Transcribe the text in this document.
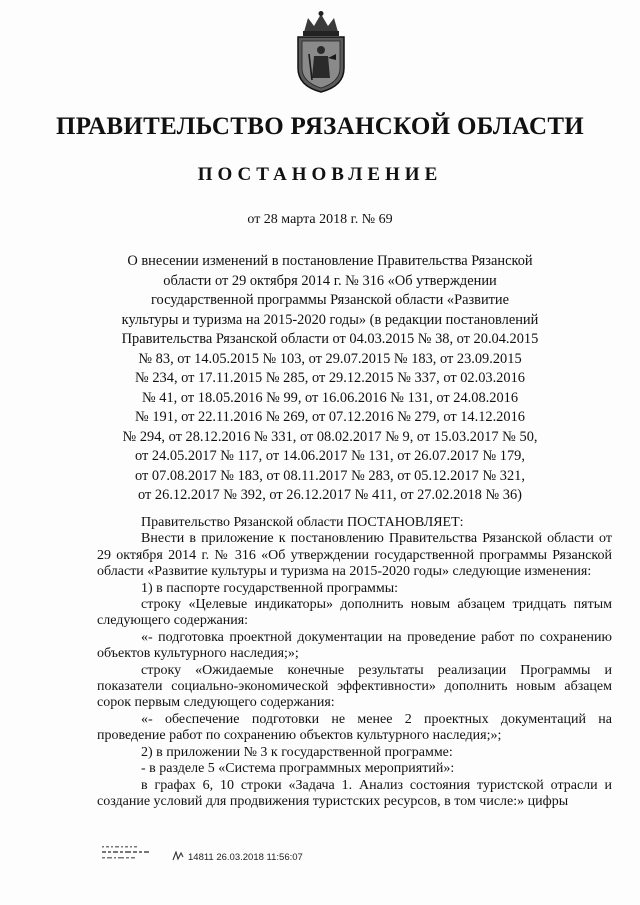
ПРАВИТЕЛЬСТВО РЯЗАНСКОЙ ОБЛАСТИ
ПОСТАНОВЛЕНИЕ
от 28 марта 2018 г. № 69
О внесении изменений в постановление Правительства Рязанской
области от 29 октября 2014 г. № 316 «Об утверждении
государственной программы Рязанской области «Развитие
культуры и туризма на 2015-2020 годы» (в редакции постановлений
Правительства Рязанской области от 04.03.2015 № 38, от 20.04.2015
№ 83, от 14.05.2015 № 103, от 29.07.2015 № 183, от 23.09.2015
№ 234, от 17.11.2015 № 285, от 29.12.2015 № 337, от 02.03.2016
№ 41, от 18.05.2016 № 99, от 16.06.2016 № 131, от 24.08.2016
№ 191, от 22.11.2016 № 269, от 07.12.2016 № 279, от 14.12.2016
№ 294, от 28.12.2016 № 331, от 08.02.2017 № 9, от 15.03.2017 № 50,
от 24.05.2017 № 117, от 14.06.2017 № 131, от 26.07.2017 № 179,
от 07.08.2017 № 183, от 08.11.2017 № 283, от 05.12.2017 № 321,
от 26.12.2017 № 392, от 26.12.2017 № 411, от 27.02.2018 № 36)

Правительство Рязанской области ПОСТАНОВЛЯЕТ:

Внести в приложение к постановлению Правительства Рязанской области от 29 октября 2014 г. № 316 «Об утверждении государственной программы Рязанской области «Развитие культуры и туризма на 2015-2020 годы» следующие изменения:

1) в паспорте государственной программы:

строку «Целевые индикаторы» дополнить новым абзацем тридцать пятым следующего содержания:

«- подготовка проектной документации на проведение работ по сохранению объектов культурного наследия;»;

строку «Ожидаемые конечные результаты реализации Программы и показатели социально-экономической эффективности» дополнить новым абзацем сорок первым следующего содержания:

«- обеспечение подготовки не менее 2 проектных документаций на проведение работ по сохранению объектов культурного наследия;»;

2) в приложении № 3 к государственной программе:

- в разделе 5 «Система программных мероприятий»:

в графах 6, 10 строки «Задача 1. Анализ состояния туристской отрасли и создание условий для продвижения туристских ресурсов, в том числе:» цифры

14811 26.03.2018 11:56:07
